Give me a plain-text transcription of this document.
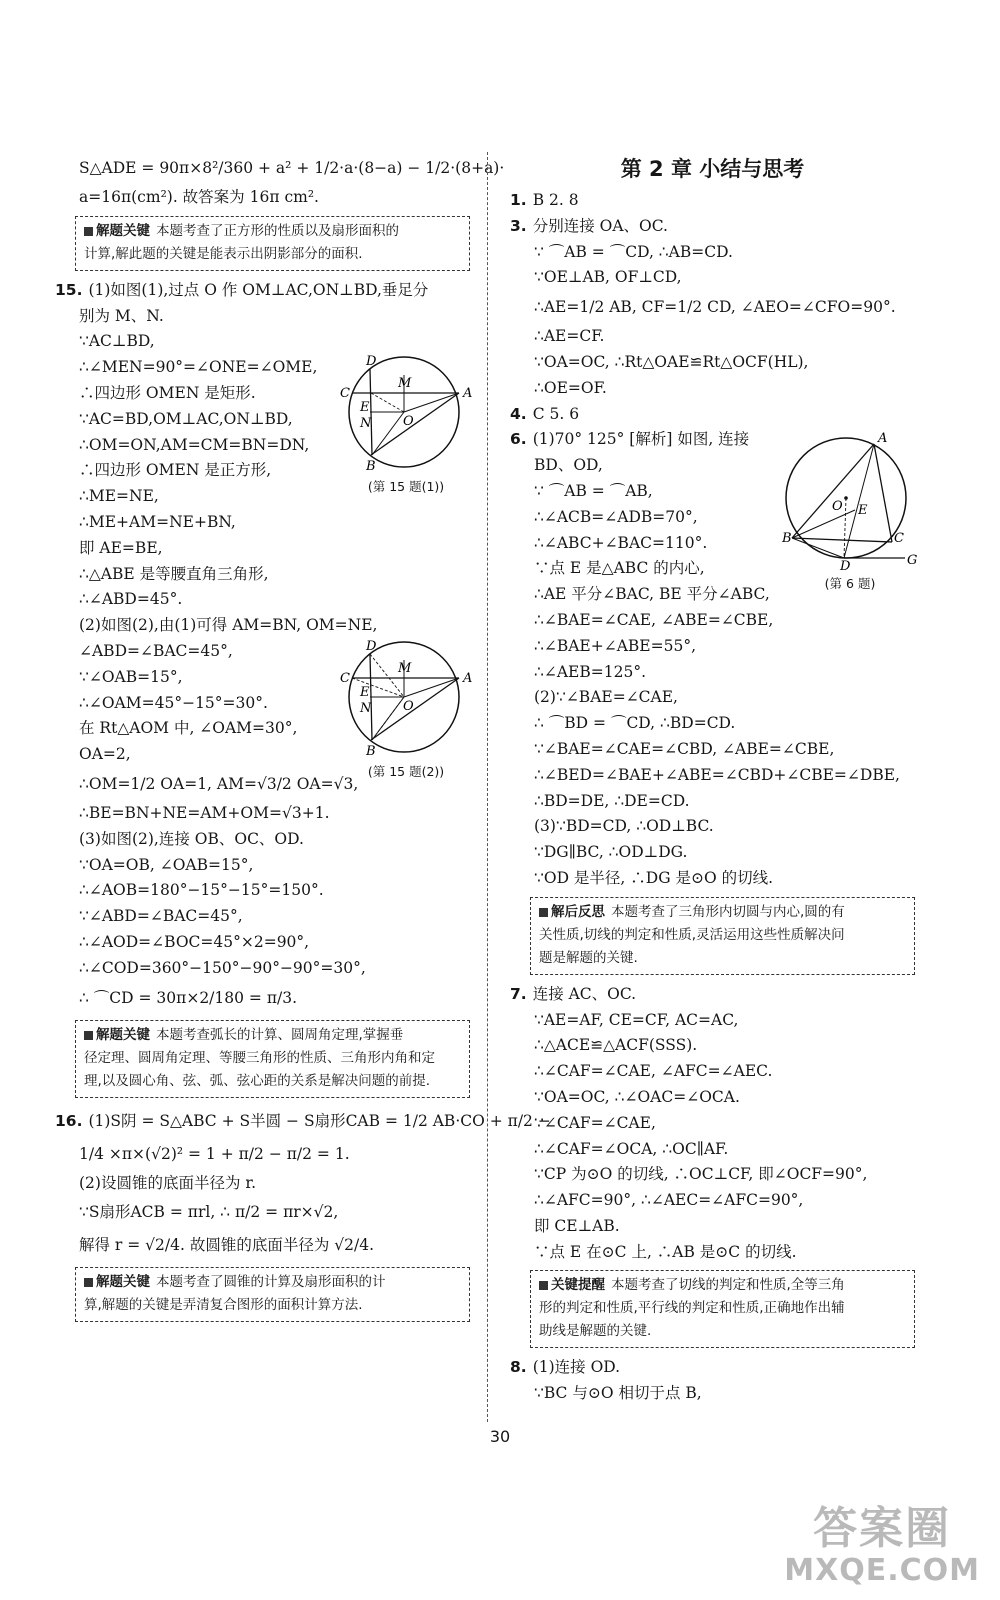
S△ADE = 90π×8²/360 + a² + 1/2·a·(8−a) − 1/2·(8+a)·
a=16π(cm²). 故答案为 16π cm².
解题关键 本题考查了正方形的性质以及扇形面积的
计算,解此题的关键是能表示出阴影部分的面积.
15. (1)如图(1),过点 O 作 OM⊥AC,ON⊥BD,垂足分
别为 M、N.
∵AC⊥BD,
∴∠MEN=90°=∠ONE=∠OME,
∴四边形 OMEN 是矩形.
∵AC=BD,OM⊥AC,ON⊥BD,
∴OM=ON,AM=CM=BN=DN,
∴四边形 OMEN 是正方形,
∴ME=NE,
∴ME+AM=NE+BN,
即 AE=BE,
∴△ABE 是等腰直角三角形,
∴∠ABD=45°.
(2)如图(2),由(1)可得 AM=BN, OM=NE,
∠ABD=∠BAC=45°,
∵∠OAB=15°,
∴∠OAM=45°−15°=30°.
在 Rt△AOM 中, ∠OAM=30°,
OA=2,
∴OM=1/2 OA=1, AM=√3/2 OA=√3,
∴BE=BN+NE=AM+OM=√3+1.
(3)如图(2),连接 OB、OC、OD.
∵OA=OB, ∠OAB=15°,
∴∠AOB=180°−15°−15°=150°.
∵∠ABD=∠BAC=45°,
∴∠AOD=∠BOC=45°×2=90°,
∴∠COD=360°−150°−90°−90°=30°,
∴ ⌒CD = 30π×2/180 = π/3.
解题关键 本题考查弧长的计算、圆周角定理,掌握垂
径定理、圆周角定理、等腰三角形的性质、三角形内角和定
理,以及圆心角、弦、弧、弦心距的关系是解决问题的前提.
16. (1)S阴 = S△ABC + S半圆 − S扇形CAB = 1/2 AB·CO + π/2 −
1/4 ×π×(√2)² = 1 + π/2 − π/2 = 1.
(2)设圆锥的底面半径为 r.
∵S扇形ACB = πrl, ∴ π/2 = πr×√2,
解得 r = √2/4. 故圆锥的底面半径为 √2/4.
解题关键 本题考查了圆锥的计算及扇形面积的计
算,解题的关键是弄清复合图形的面积计算方法.
第 2 章 小结与思考
1. B 2. 8
3. 分别连接 OA、OC.
∵ ⌒AB = ⌒CD, ∴AB=CD.
∵OE⊥AB, OF⊥CD,
∴AE=1/2 AB, CF=1/2 CD, ∠AEO=∠CFO=90°.
∴AE=CF.
∵OA=OC, ∴Rt△OAE≌Rt△OCF(HL),
∴OE=OF.
4. C 5. 6
6. (1)70° 125° [解析] 如图, 连接
BD、OD,
∵ ⌒AB = ⌒AB,
∴∠ACB=∠ADB=70°,
∴∠ABC+∠BAC=110°.
∵点 E 是△ABC 的内心,
∴AE 平分∠BAC, BE 平分∠ABC,
∴∠BAE=∠CAE, ∠ABE=∠CBE,
∴∠BAE+∠ABE=55°,
∴∠AEB=125°.
(2)∵∠BAE=∠CAE,
∴ ⌒BD = ⌒CD, ∴BD=CD.
∵∠BAE=∠CAE=∠CBD, ∠ABE=∠CBE,
∴∠BED=∠BAE+∠ABE=∠CBD+∠CBE=∠DBE,
∴BD=DE, ∴DE=CD.
(3)∵BD=CD, ∴OD⊥BC.
∵DG∥BC, ∴OD⊥DG.
∵OD 是半径, ∴DG 是⊙O 的切线.
解后反思 本题考查了三角形内切圆与内心,圆的有
关性质,切线的判定和性质,灵活运用这些性质解决问
题是解题的关键.
7. 连接 AC、OC.
∵AE=AF, CE=CF, AC=AC,
∴△ACE≌△ACF(SSS).
∴∠CAF=∠CAE, ∠AFC=∠AEC.
∵OA=OC, ∴∠OAC=∠OCA.
∵∠CAF=∠CAE,
∴∠CAF=∠OCA, ∴OC∥AF.
∵CP 为⊙O 的切线, ∴OC⊥CF, 即∠OCF=90°,
∴∠AFC=90°, ∴∠AEC=∠AFC=90°,
即 CE⊥AB.
∵点 E 在⊙C 上, ∴AB 是⊙C 的切线.
关键提醒 本题考查了切线的判定和性质,全等三角
形的判定和性质,平行线的判定和性质,正确地作出辅
助线是解题的关键.
8. (1)连接 OD.
∵BC 与⊙O 相切于点 B,
D
C	A
B
M
E
N O
(第 15 题(1))
D
C	A
B
M
E
N O
(第 15 题(2))
A
B	C
D
E
G
O
(第 6 题)
30
答案圈
MXQE.COM
